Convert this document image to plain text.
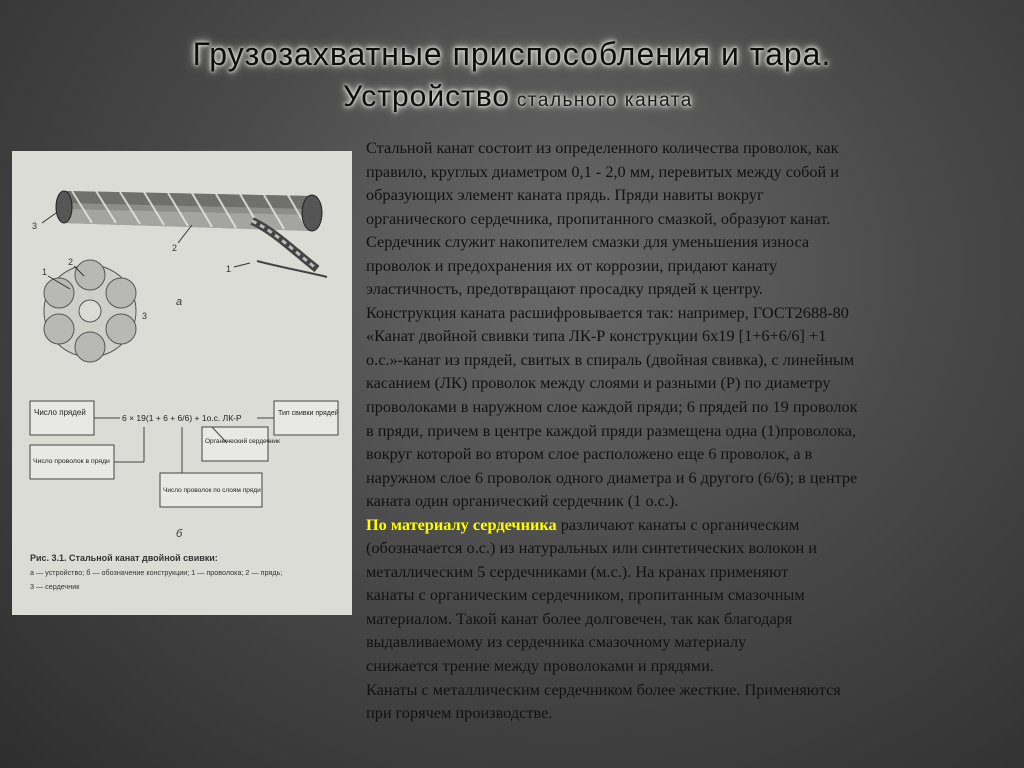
Грузозахватные приспособления и тара.
Устройство стального каната
3
2
1
1
2
3
а
6 × 19(1 + 6 + 6/6) + 1о.с. ЛК-Р
Число прядей	Тип свивки прядей
Органический сердечник
Число проволок в пряди
Число проволок по слоям пряди
б
Рис. 3.1. Стальной канат двойной свивки:
а — устройство; б — обозначение конструкции; 1 — проволока; 2 — прядь;
3 — сердечник
Стальной канат состоит из определенного количества проволок, как
правило, круглых диаметром 0,1 - 2,0 мм, перевитых между собой и
образующих элемент каната прядь. Пряди навиты вокруг
органического сердечника, пропитанного смазкой, образуют канат.
Сердечник служит накопителем смазки для уменьшения износа
проволок и предохранения их от коррозии, придают канату
эластичность, предотвращают просадку прядей к центру.
Конструкция каната расшифровывается так: например, ГОСТ2688-80
«Канат двойной свивки типа ЛК-Р конструкции 6х19 [1+6+6/6] +1
о.с.»-канат из прядей, свитых в спираль (двойная свивка), с линейным
касанием (ЛК) проволок между слоями и разными (Р) по диаметру
проволоками в наружном слое каждой пряди; 6 прядей по 19 проволок
в пряди, причем в центре каждой пряди размещена одна (1)проволока,
вокруг которой во втором слое расположено еще 6 проволок, а в
наружном слое 6 проволок одного диаметра и 6 другого (6/6); в центре
каната один органический сердечник (1 о.с.).
По материалу сердечника различают канаты с органическим
(обозначается о.с.) из натуральных или синтетических волокон и
металлическим 5 сердечниками (м.с.). На кранах применяют
канаты с органическим сердечником, пропитанным смазочным
материалом. Такой канат более долговечен, так как благодаря
выдавливаемому из сердечника смазочному материалу
снижается трение между проволоками и прядями.
Канаты с металлическим сердечником более жесткие. Применяются
при горячем производстве.
